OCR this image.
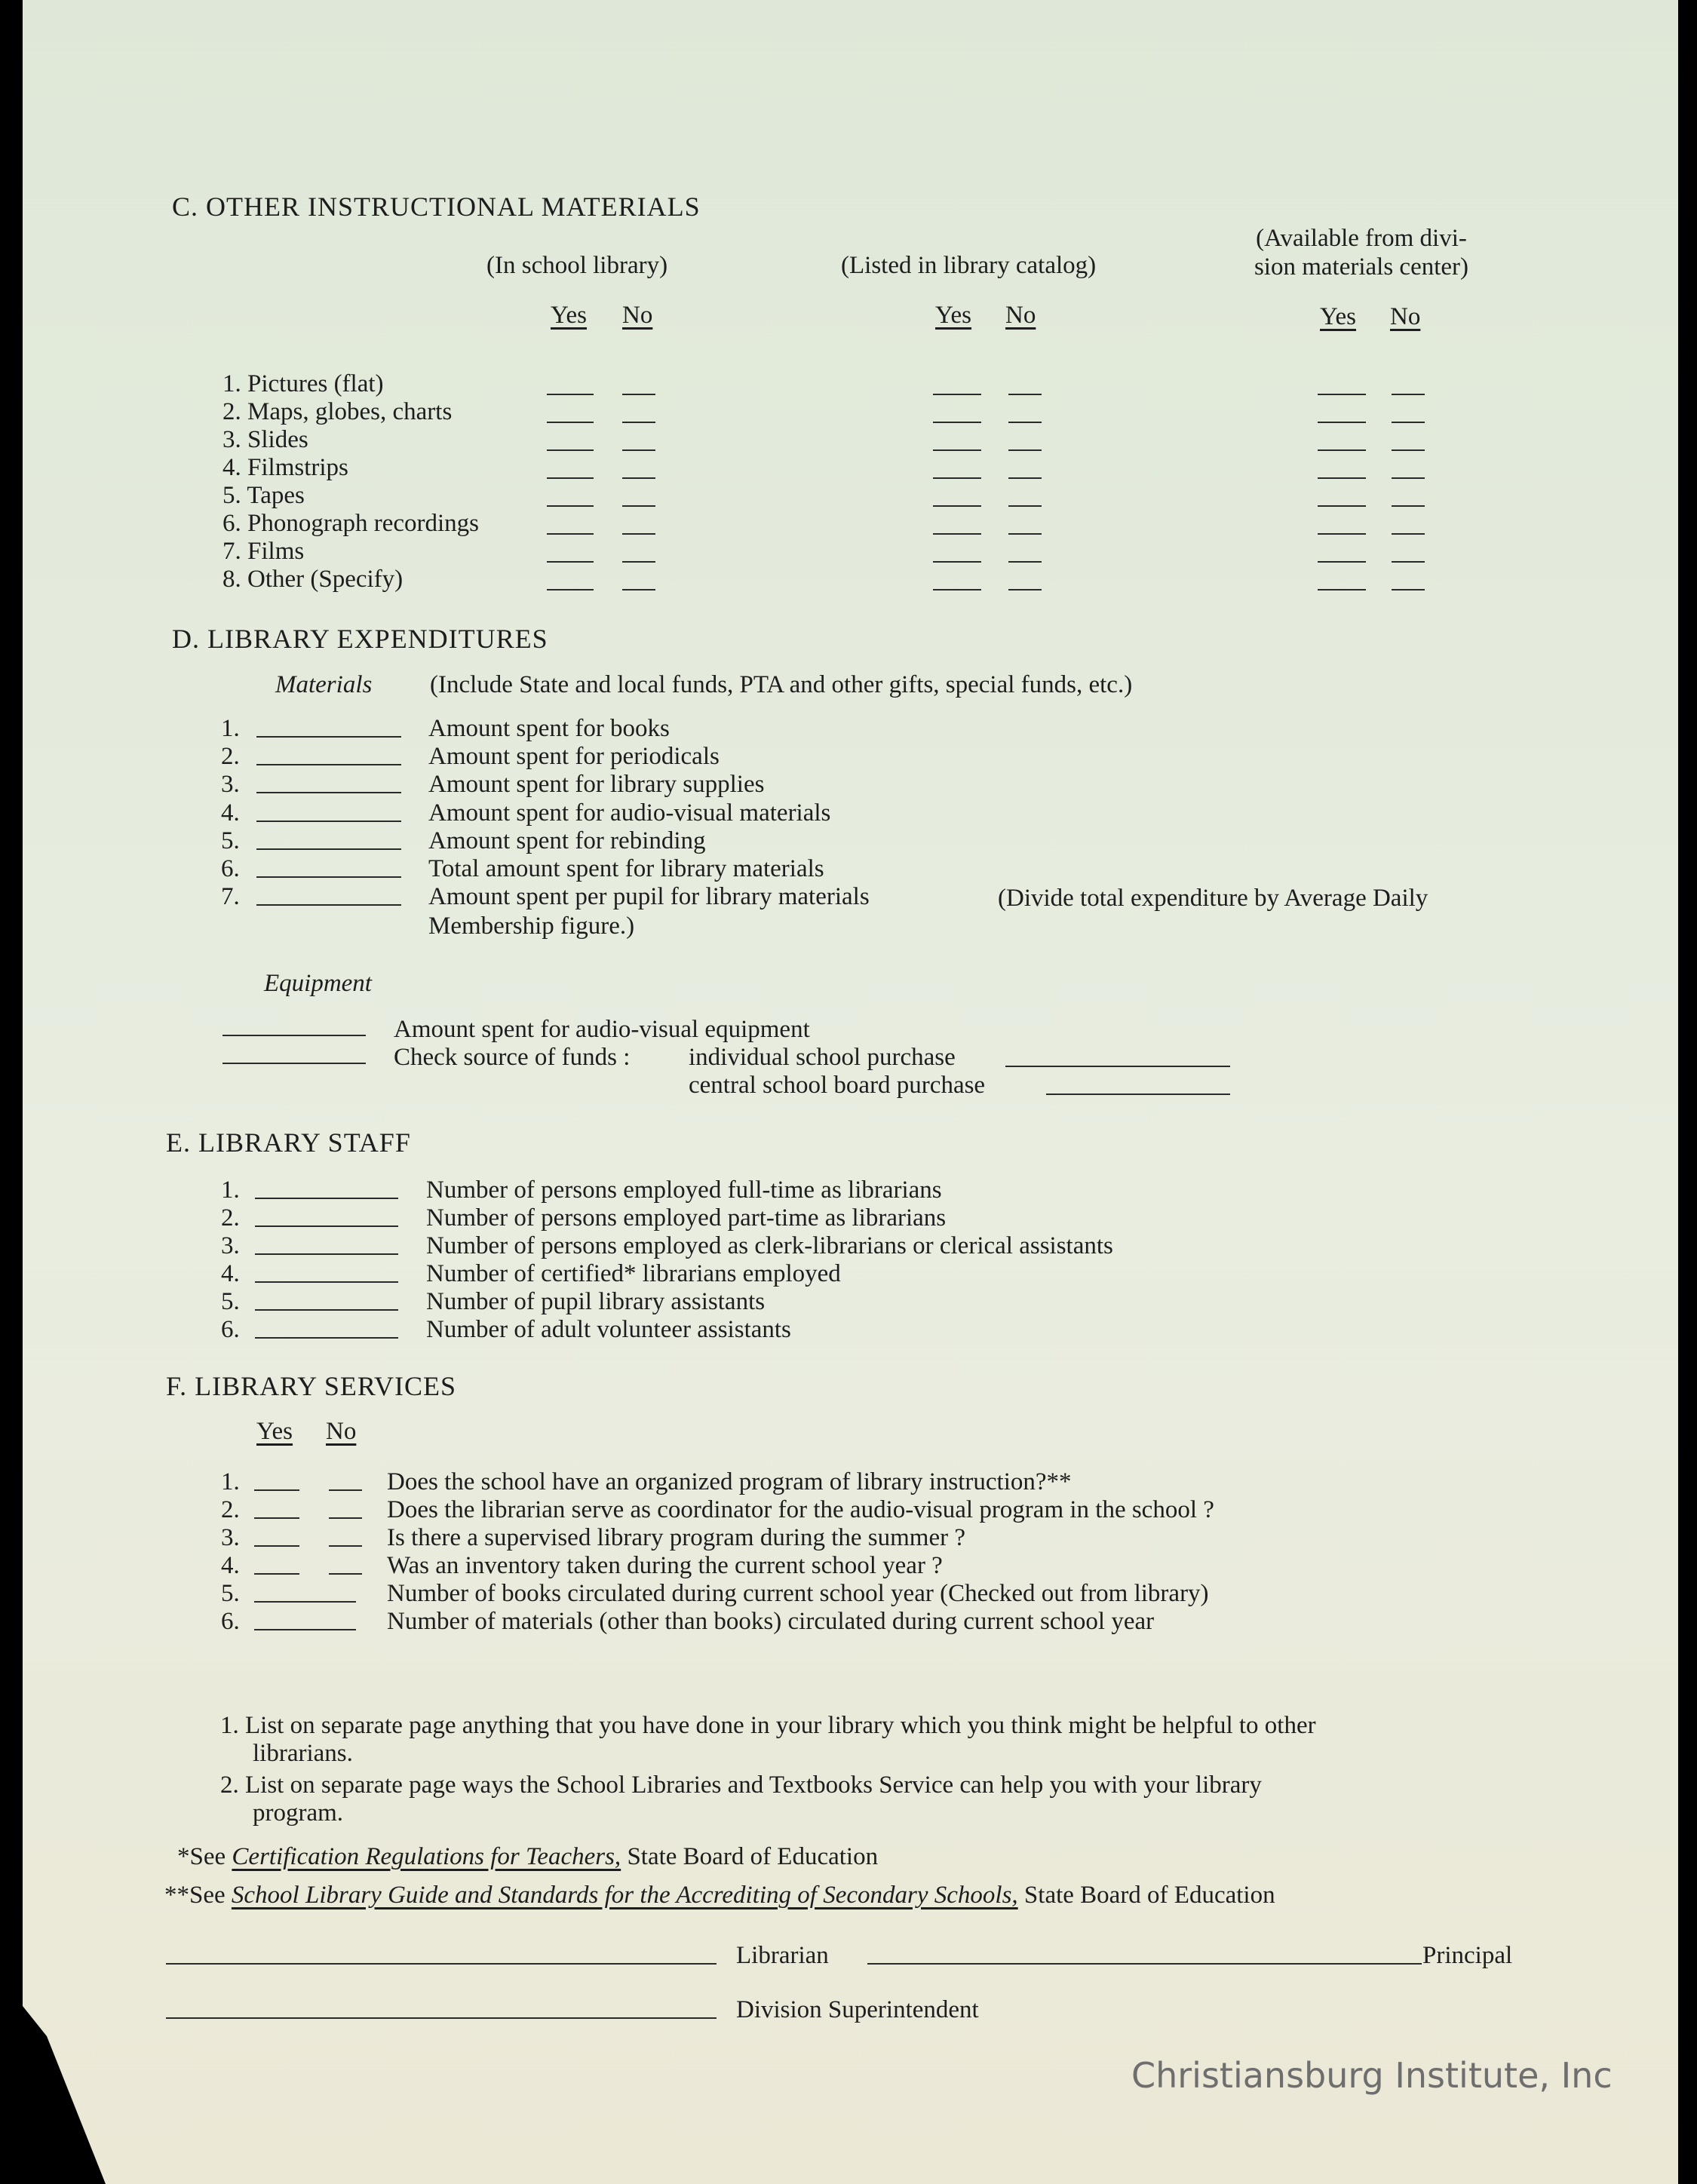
C. OTHER INSTRUCTIONAL MATERIALS
(In school library)	(Listed in library catalog)
(Available from divi-
sion materials center)
Yes No	Yes No	Yes No
1. Pictures (flat)
2. Maps, globes, charts
3. Slides
4. Filmstrips
5. Tapes
6. Phonograph recordings
7. Films
8. Other (Specify)
D. LIBRARY EXPENDITURES
Materials (Include State and local funds, PTA and other gifts, special funds, etc.)
1.	Amount spent for books
2.	Amount spent for periodicals
3.	Amount spent for library supplies
4.	Amount spent for audio-visual materials
5.	Amount spent for rebinding
6.	Total amount spent for library materials
7.	Amount spent per pupil for library materials	(Divide total expenditure by Average Daily
Membership figure.)
Equipment
Amount spent for audio-visual equipment
Check source of funds : individual school purchase
central school board purchase
E. LIBRARY STAFF
1.	Number of persons employed full-time as librarians
2.	Number of persons employed part-time as librarians
3.	Number of persons employed as clerk-librarians or clerical assistants
4.	Number of certified* librarians employed
5.	Number of pupil library assistants
6.	Number of adult volunteer assistants
F. LIBRARY SERVICES
Yes No
1.	Does the school have an organized program of library instruction?**
2.	Does the librarian serve as coordinator for the audio-visual program in the school ?
3.	Is there a supervised library program during the summer ?
4.	Was an inventory taken during the current school year ?
5.	Number of books circulated during current school year (Checked out from library)
6.	Number of materials (other than books) circulated during current school year
1. List on separate page anything that you have done in your library which you think might be helpful to other
librarians.
2. List on separate page ways the School Libraries and Textbooks Service can help you with your library
program.
*See Certification Regulations for Teachers, State Board of Education
**See School Library Guide and Standards for the Accrediting of Secondary Schools, State Board of Education
Librarian	Principal
Division Superintendent
Christiansburg Institute, Inc
